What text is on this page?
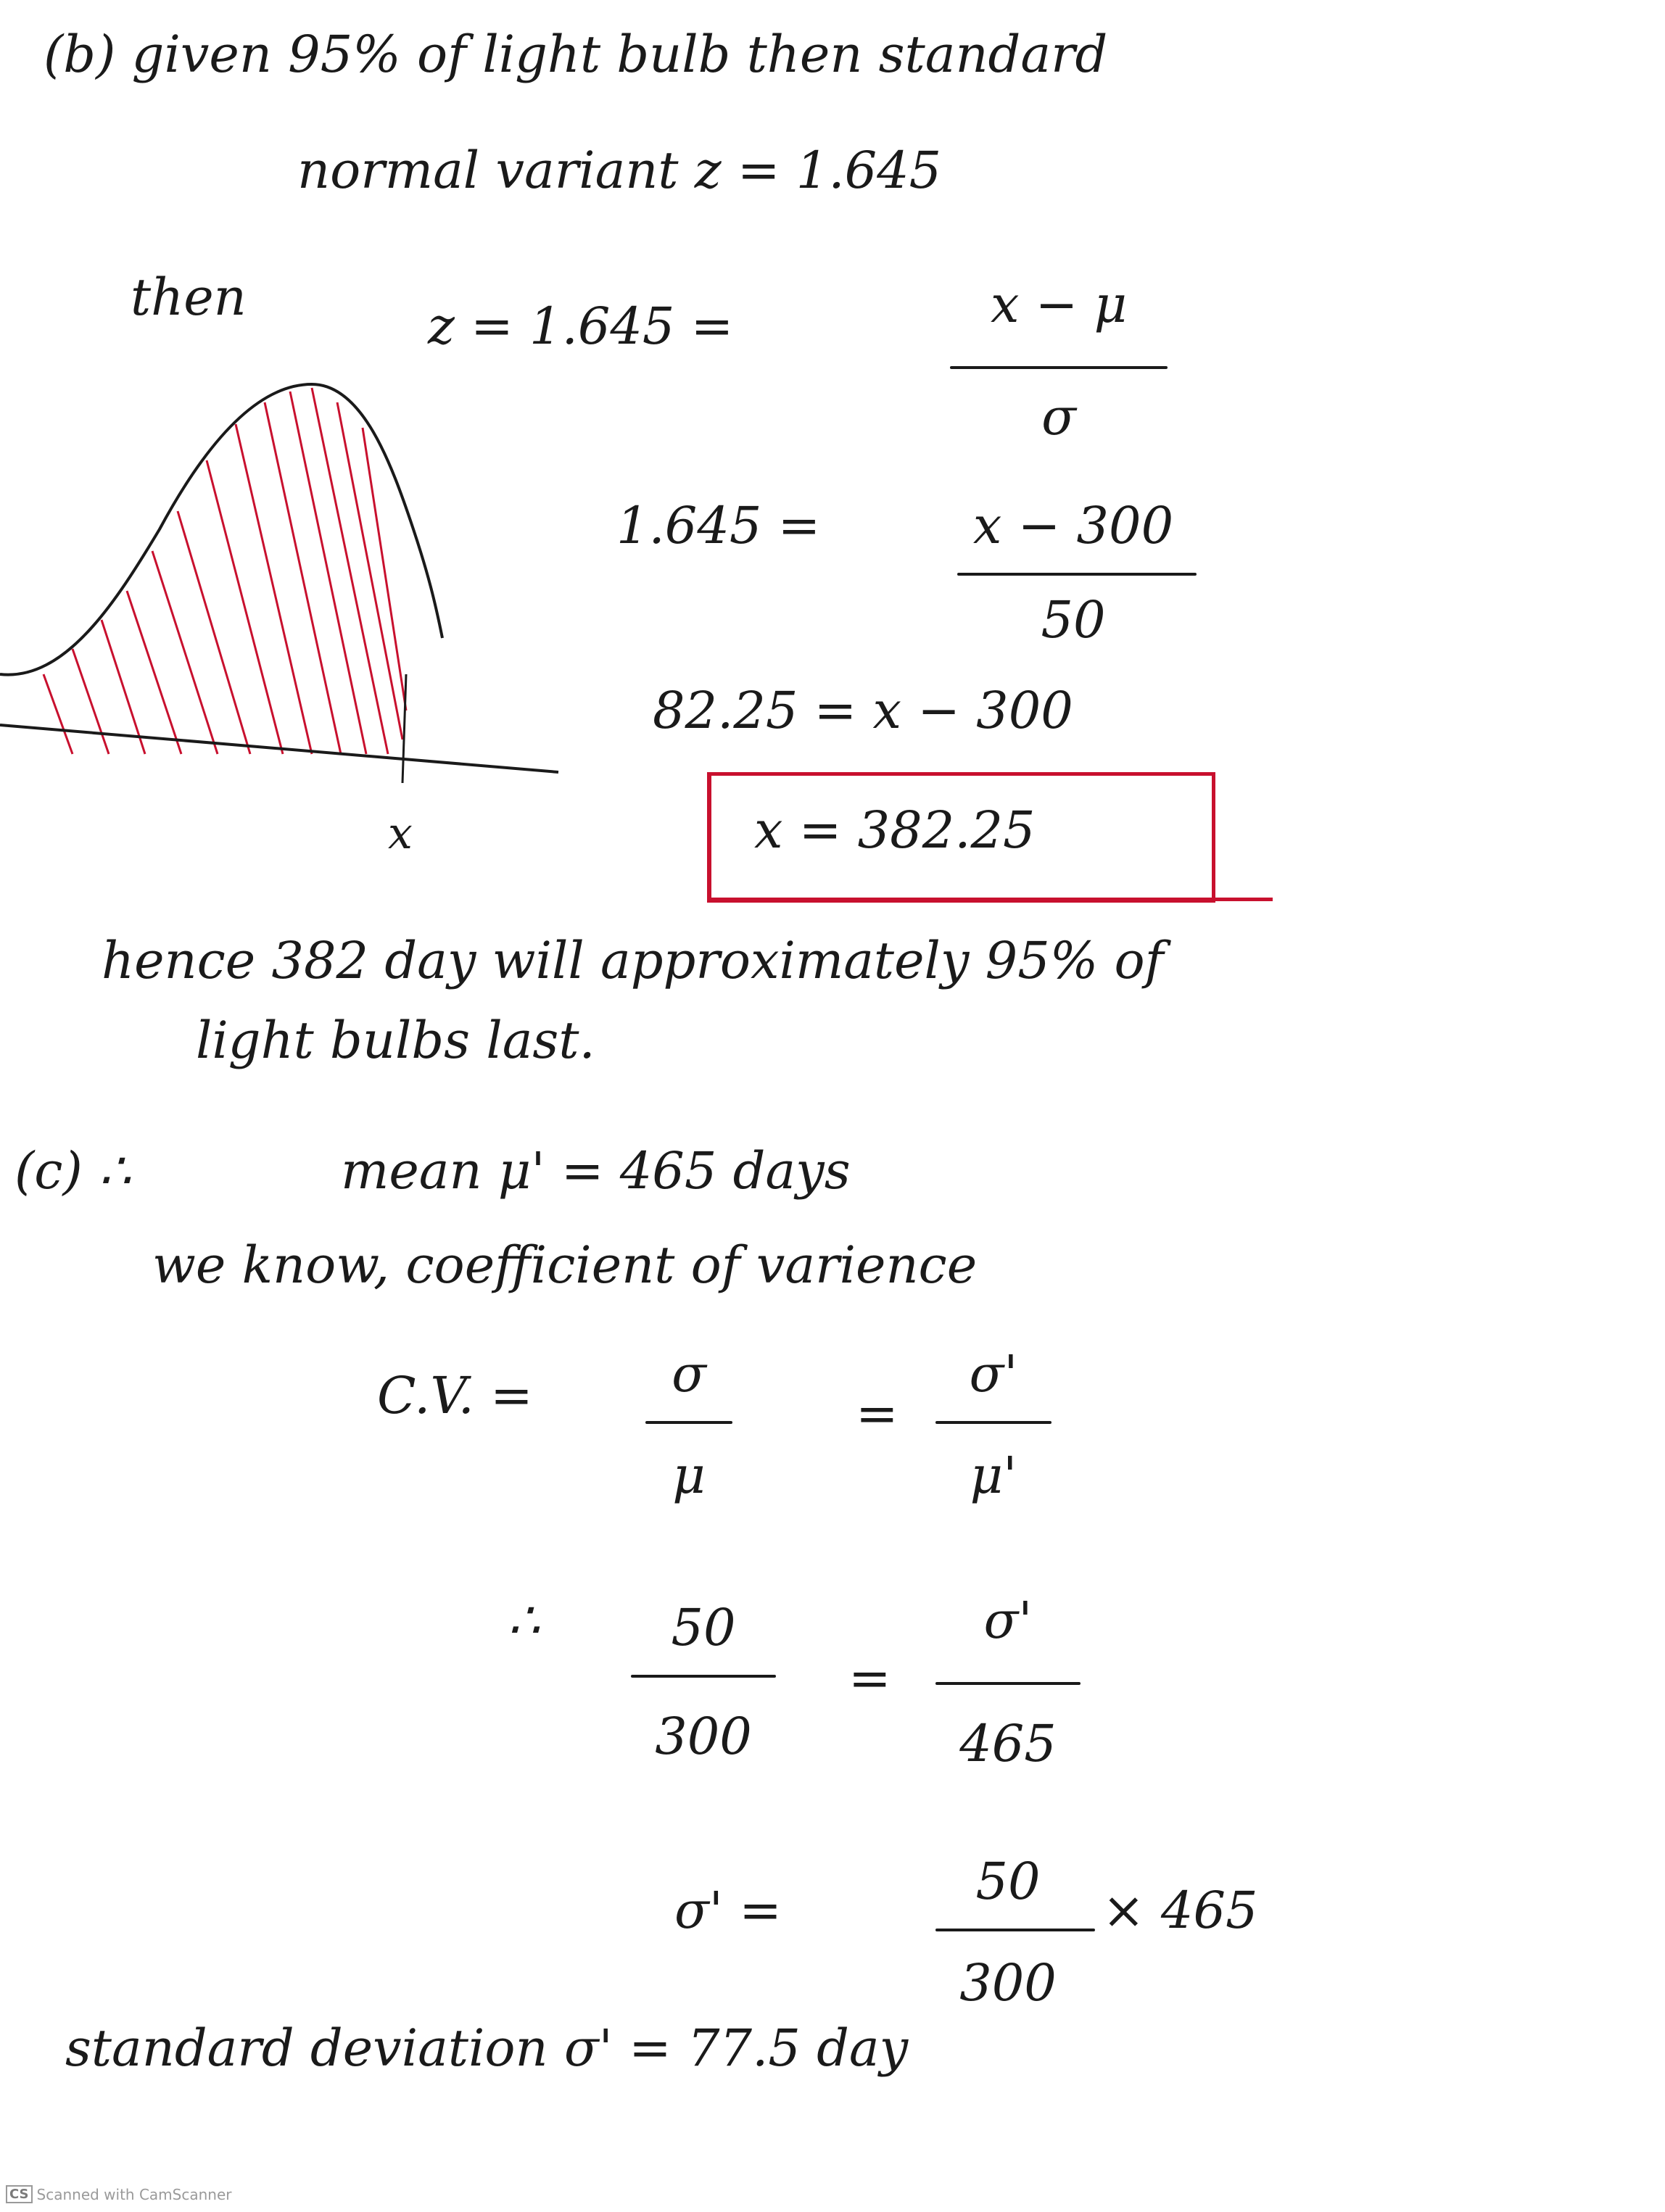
(b) given 95% of light bulb then standard
normal variant z = 1.645
then	z = 1.645 =	x − μ
σ
1.645 =	x − 300
50
82.25 = x − 300
x = 382.25
x
hence 382 day will approximately 95% of
light bulbs last.
(c) ∴	mean μ' = 465 days
we know, coefficient of varience
C.V. =	σ
μ
=
σ'
μ'
∴	50
300
=
σ'
465
σ' =	50
300
× 465
standard deviation σ' = 77.5 day
CS Scanned with CamScanner
